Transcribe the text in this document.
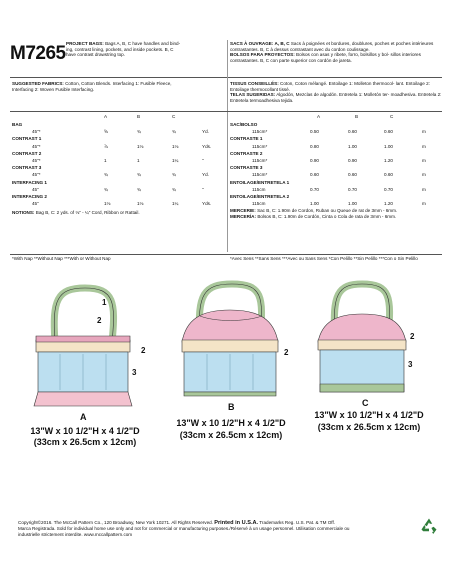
M7265 PROJECT BAGS: Bags A, B, C have handles and bind-
ing, contrast lining, pockets, and inside pockets. B, C
have contrast drawstring top.
SACS À OUVRAGE: A, B, C Sacs à poignées et bordures, doublures, poches et poches intérieures contrastantes. B, C à dessus contrastant avec du cordon coulissage.
BOLSOS PARA PROYECTOS: Bolsos con asas y ribete, forro, bolsillos y bol- sillos interiores contrastantes. B, C con parte superior con cordón de jareta.
SUGGESTED FABRICS: Cotton, Cotton Blends. Interfacing 1: Fusible Fleece,
Interfacing 2: Woven Fusible Interfacing.
TISSUS CONSEILLÉS: Coton, Coton mélangé. Entoilage 1: Molleton thermocol- lant. Entoilage 2: Entoilage thermocollant tissé.
TELAS SUGERIDAS: Algodón, Mezclas de algodón. Entretela 1: Molletón ter- moadhesiva. Entretela 2: Entretela termoadhesiva tejida.
A	B	C
BAG
45"*	⅝	¾	¾	Yd.
CONTRAST 1
45"*	⅞	1⅛	1⅛	Yds.
CONTRAST 2
45"*	1	1	1¼	"
CONTRAST 3
45"*	¾	¾	¾	Yd.
INTERFACING 1
45"	¾	¾	¾	"
INTERFACING 2
45"	1⅛	1⅛	1¼	Yds.
NOTIONS: Bag B, C: 2 yds. of ⅛" - ¼" Cord, Ribbon or Rattail.
A	B	C
SAC/BOLSO
115cm*	0.50	0.60	0.60	m
CONTRASTE 1
115cm*	0.80	1.00	1.00	m
CONTRASTE 2
115cm*	0.90	0.90	1.20	m
CONTRASTE 3
115cm*	0.60	0.60	0.60	m
ENTOILAGE/ENTRETELA 1
115cm	0.70	0.70	0.70	m
ENTOILAGE/ENTRETELA 2
115cm	1.00	1.00	1.20	m
MERCERIE: Sac B, C: 1.90m de Cordon, Ruban ou Queue de rat de 3mm - 6mm.
MERCERÍA: Bolsos B, C: 1.90m de Cordón, Cinta o Cola de rata de 3mm - 6mm.
*With Nap **Without Nap ***With or Without Nap	*Avec Sens **Sans Sens ***Avec ou Sans Sens *Con Pelillo **Sin Pelillo ***Con o Sin Pelillo
1
2
2
3
2
2
3
A
13"W x 10 1/2"H x 4 1/2"D
(33cm x 26.5cm x 12cm)
B
13"W x 10 1/2"H x 4 1/2"D
(33cm x 26.5cm x 12cm)
C
13"W x 10 1/2"H x 4 1/2"D
(33cm x 26.5cm x 12cm)
Copyright©2016. The McCall Pattern Co., 120 Broadway, New York 10271. All Rights Reserved. Printed in U.S.A. Trademarks Reg. U.S. Pat. & TM Off.
Marca Registrada. Sold for individual home use only and not for commercial or manufacturing purposes./Réservé à un usage personnel. Utilisation commerciale ou
industrielle strictement interdite. www.mccallpattern.com
